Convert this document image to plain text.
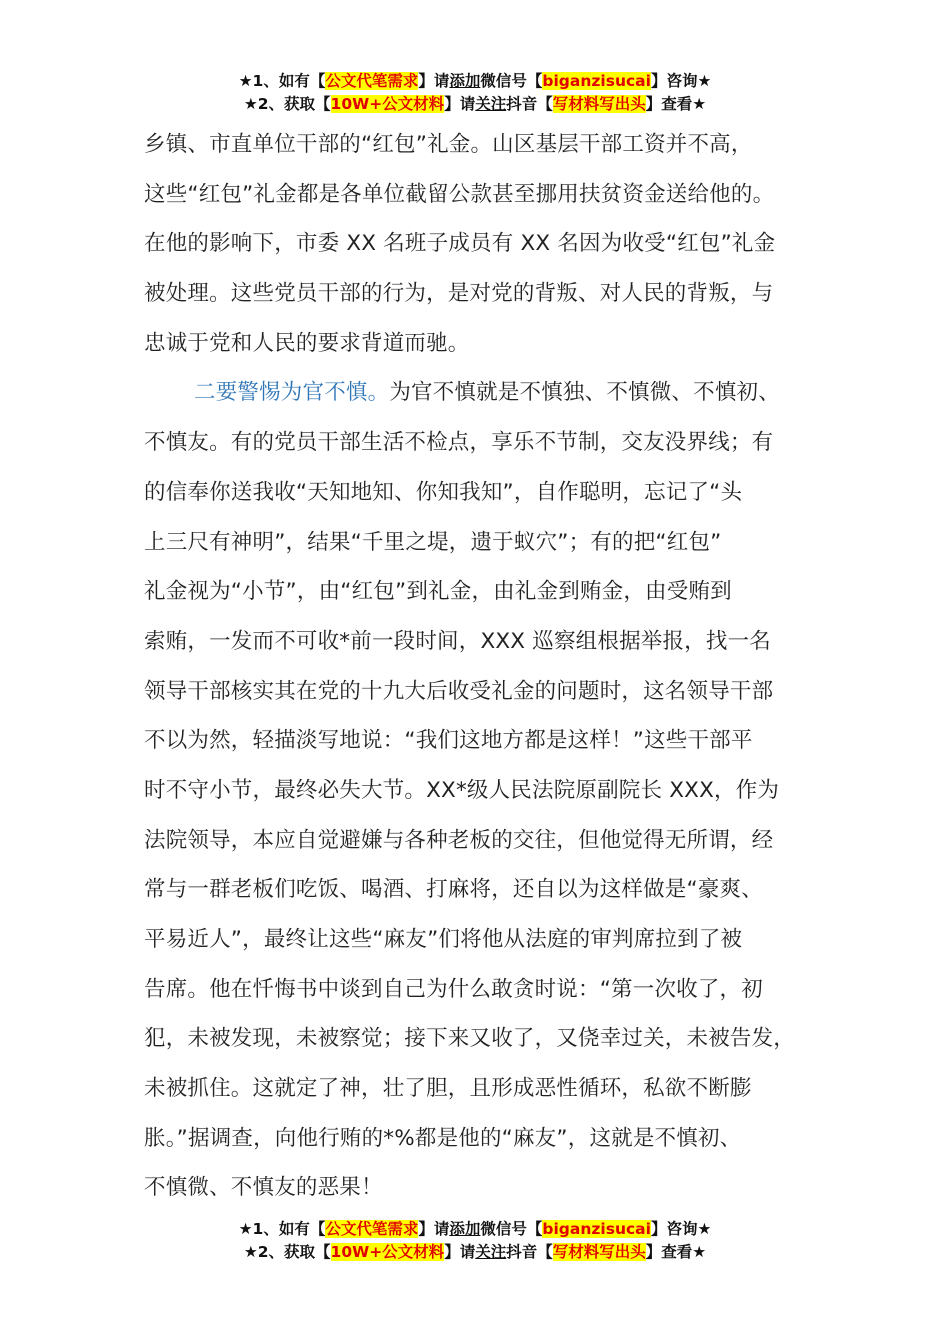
★1、如有【公文代笔需求】请添加微信号【biganzisucai】咨询★
★2、获取【10W+公文材料】请关注抖音【写材料写出头】查看★
乡镇、市直单位干部的“红包”礼金。山区基层干部工资并不高，
这些“红包”礼金都是各单位截留公款甚至挪用扶贫资金送给他的。
在他的影响下，市委 XX 名班子成员有 XX 名因为收受“红包”礼金
被处理。这些党员干部的行为，是对党的背叛、对人民的背叛，与
忠诚于党和人民的要求背道而驰。
二要警惕为官不慎。为官不慎就是不慎独、不慎微、不慎初、
不慎友。有的党员干部生活不检点，享乐不节制，交友没界线；有
的信奉你送我收“天知地知、你知我知”，自作聪明，忘记了“头
上三尺有神明”，结果“千里之堤，遗于蚁穴”；有的把“红包”
礼金视为“小节”，由“红包”到礼金，由礼金到贿金，由受贿到
索贿，一发而不可收*前一段时间，XXX 巡察组根据举报，找一名
领导干部核实其在党的十九大后收受礼金的问题时，这名领导干部
不以为然，轻描淡写地说：“我们这地方都是这样！”这些干部平
时不守小节，最终必失大节。XX*级人民法院原副院长 XXX，作为
法院领导，本应自觉避嫌与各种老板的交往，但他觉得无所谓，经
常与一群老板们吃饭、喝酒、打麻将，还自以为这样做是“豪爽、
平易近人”，最终让这些“麻友”们将他从法庭的审判席拉到了被
告席。他在忏悔书中谈到自己为什么敢贪时说：“第一次收了，初
犯，未被发现，未被察觉；接下来又收了，又侥幸过关，未被告发，
未被抓住。这就定了神，壮了胆，且形成恶性循环，私欲不断膨
胀。”据调查，向他行贿的*%都是他的“麻友”，这就是不慎初、
不慎微、不慎友的恶果！
★1、如有【公文代笔需求】请添加微信号【biganzisucai】咨询★
★2、获取【10W+公文材料】请关注抖音【写材料写出头】查看★
